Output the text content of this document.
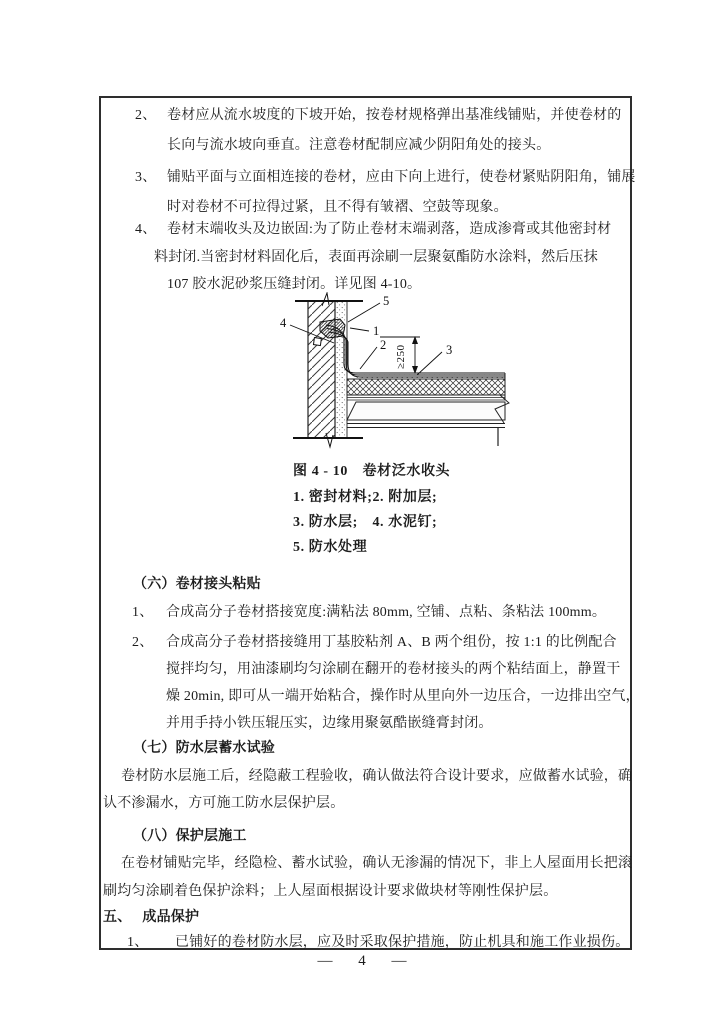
2、 卷材应从流水坡度的下坡开始，按卷材规格弹出基准线铺贴，并使卷材的
长向与流水坡向垂直。注意卷材配制应减少阴阳角处的接头。
3、 铺贴平面与立面相连接的卷材，应由下向上进行，使卷材紧贴阴阳角，铺展
时对卷材不可拉得过紧，且不得有皱褶、空鼓等现象。
4、 卷材末端收头及边嵌固:为了防止卷材末端剥落，造成渗膏或其他密封材
料封闭.当密封材料固化后，表面再涂刷一层聚氨酯防水涂料，然后压抹
107 胶水泥砂浆压缝封闭。详见图 4-10。
≥250
5
4
1
2	3
图 4 - 10　卷材泛水收头
1. 密封材料;2. 附加层;
3. 防水层;　4. 水泥钉;
5. 防水处理
（六）卷材接头粘贴
1、 合成高分子卷材搭接宽度:满粘法 80mm, 空铺、点粘、条粘法 100mm。
2、 合成高分子卷材搭接缝用丁基胶粘剂 A、B 两个组份，按 1:1 的比例配合
搅拌均匀，用油漆刷均匀涂刷在翻开的卷材接头的两个粘结面上，静置干
燥 20min, 即可从一端开始粘合，操作时从里向外一边压合，一边排出空气，
并用手持小铁压辊压实，边缘用聚氨酷嵌缝膏封闭。
（七）防水层蓄水试验
卷材防水层施工后，经隐蔽工程验收，确认做法符合设计要求，应做蓄水试验，确
认不渗漏水，方可施工防水层保护层。
（八）保护层施工
在卷材铺贴完毕，经隐检、蓄水试验，确认无渗漏的情况下，非上人屋面用长把滚
刷均匀涂刷着色保护涂料；上人屋面根据设计要求做块材等刚性保护层。
五、 成品保护
1、 已铺好的卷材防水层，应及时采取保护措施，防止机具和施工作业损伤。
— 4 —
